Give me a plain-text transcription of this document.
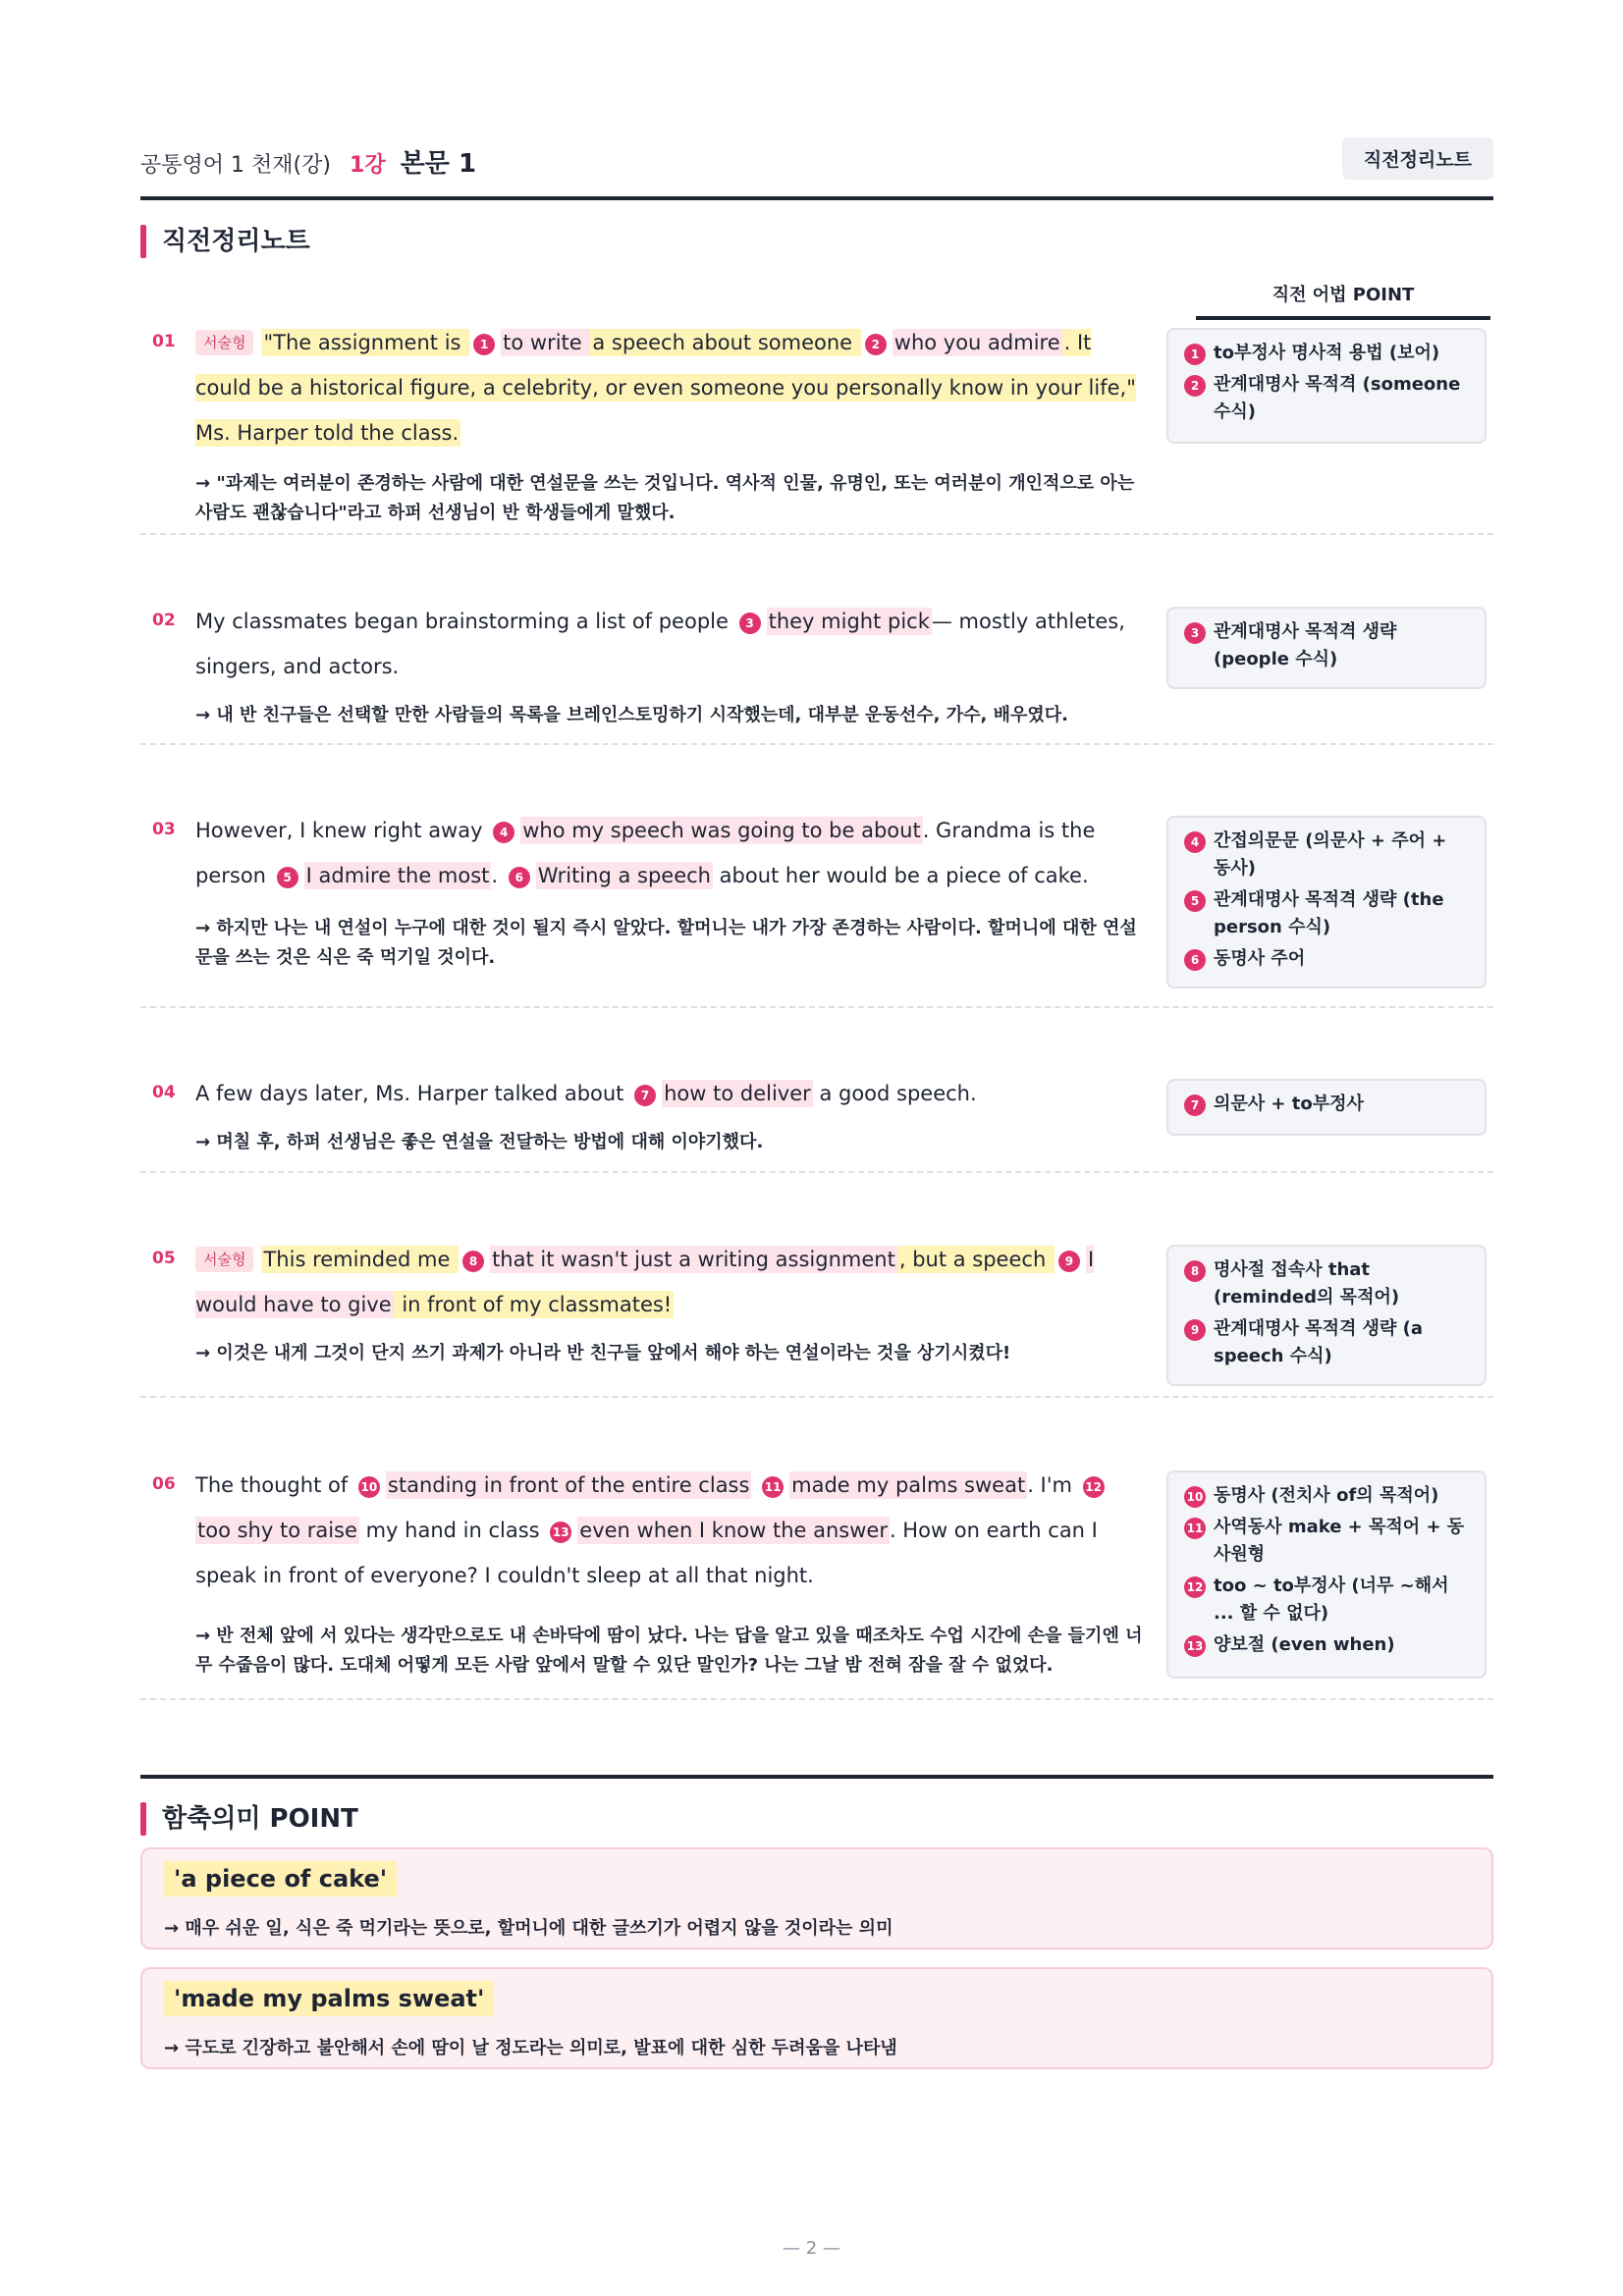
공통영어 1 천재(강) 1강 본문 1	직전정리노트
직전정리노트
직전 어법 POINT
01	서술형 "The assignment is 1 to write a speech about someone 2 who you admire . It could be a historical figure, a celebrity, or even someone you personally know in your life," Ms. Harper told the class.
→ "과제는 여러분이 존경하는 사람에 대한 연설문을 쓰는 것입니다. 역사적 인물, 유명인, 또는 여러분이 개인적으로 아는 사람도 괜찮습니다"라고 하퍼 선생님이 반 학생들에게 말했다.
1 to부정사 명사적 용법 (보어)
2 관계대명사 목적격 (someone 수식)
02 My classmates began brainstorming a list of people 3 they might pick— mostly athletes, singers, and actors.
→ 내 반 친구들은 선택할 만한 사람들의 목록을 브레인스토밍하기 시작했는데, 대부분 운동선수, 가수, 배우였다.
3 관계대명사 목적격 생략 (people 수식)
03 However, I knew right away 4 who my speech was going to be about. Grandma is the person 5 I admire the most. 6 Writing a speech about her would be a piece of cake.
→ 하지만 나는 내 연설이 누구에 대한 것이 될지 즉시 알았다. 할머니는 내가 가장 존경하는 사람이다. 할머니에 대한 연설문을 쓰는 것은 식은 죽 먹기일 것이다.
4 간접의문문 (의문사 + 주어 + 동사)
5 관계대명사 목적격 생략 (the person 수식)
6 동명사 주어
04 A few days later, Ms. Harper talked about 7 how to deliver a good speech.
→ 며칠 후, 하퍼 선생님은 좋은 연설을 전달하는 방법에 대해 이야기했다.
7 의문사 + to부정사
05	서술형 This reminded me 8 that it wasn't just a writing assignment , but a speech 9 I would have to give in front of my classmates!
→ 이것은 내게 그것이 단지 쓰기 과제가 아니라 반 친구들 앞에서 해야 하는 연설이라는 것을 상기시켰다!
8 명사절 접속사 that (reminded의 목적어)
9 관계대명사 목적격 생략 (a speech 수식)
06 The thought of 10 standing in front of the entire class 11 made my palms sweat. I'm 12too shy to raise my hand in class 13 even when I know the answer. How on earth can I speak in front of everyone? I couldn't sleep at all that night.
→ 반 전체 앞에 서 있다는 생각만으로도 내 손바닥에 땀이 났다. 나는 답을 알고 있을 때조차도 수업 시간에 손을 들기엔 너무 수줍음이 많다. 도대체 어떻게 모든 사람 앞에서 말할 수 있단 말인가? 나는 그날 밤 전혀 잠을 잘 수 없었다.
10 동명사 (전치사 of의 목적어)
11 사역동사 make + 목적어 + 동사원형
12 too ~ to부정사 (너무 ~해서 ... 할 수 없다)
13 양보절 (even when)
함축의미 POINT
'a piece of cake'
→ 매우 쉬운 일, 식은 죽 먹기라는 뜻으로, 할머니에 대한 글쓰기가 어렵지 않을 것이라는 의미
'made my palms sweat'
→ 극도로 긴장하고 불안해서 손에 땀이 날 정도라는 의미로, 발표에 대한 심한 두려움을 나타냄
— 2 —
